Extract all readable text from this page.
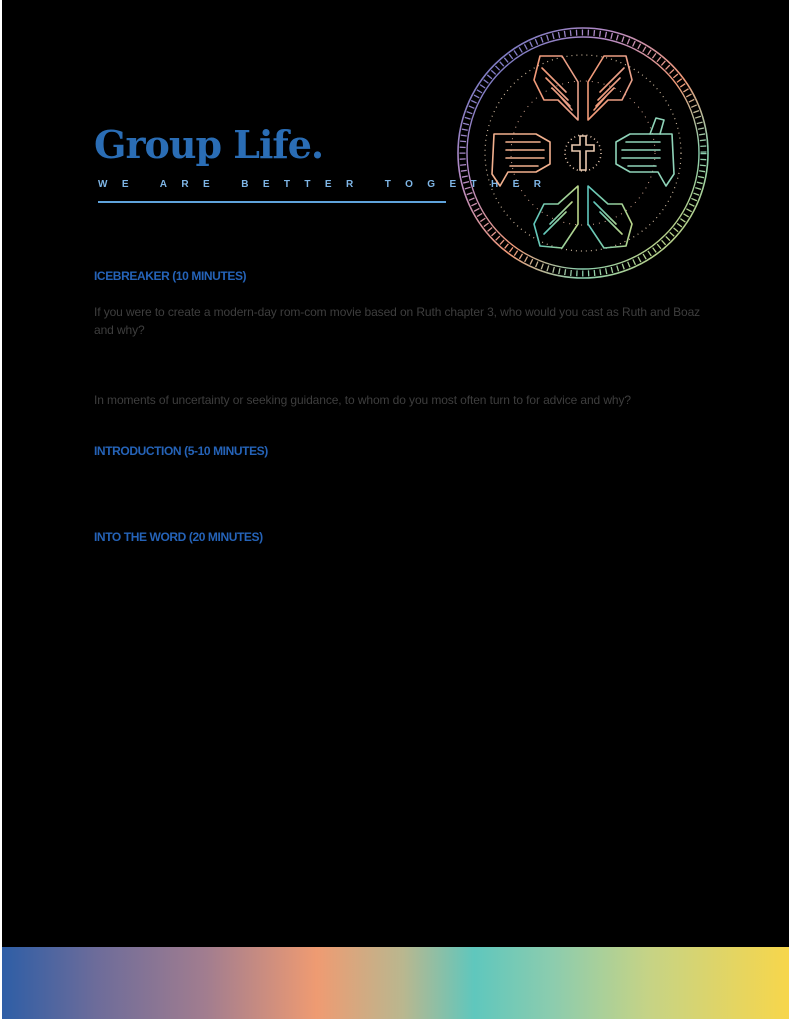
Group Life.
WE ARE BETTER TOGETHER
ICEBREAKER (10 MINUTES)
If you were to create a modern-day rom-com movie based on Ruth chapter 3, who would you cast as Ruth and Boaz and why?
In moments of uncertainty or seeking guidance, to whom do you most often turn to for advice and why?
INTRODUCTION (5-10 MINUTES)
INTO THE WORD (20 MINUTES)
